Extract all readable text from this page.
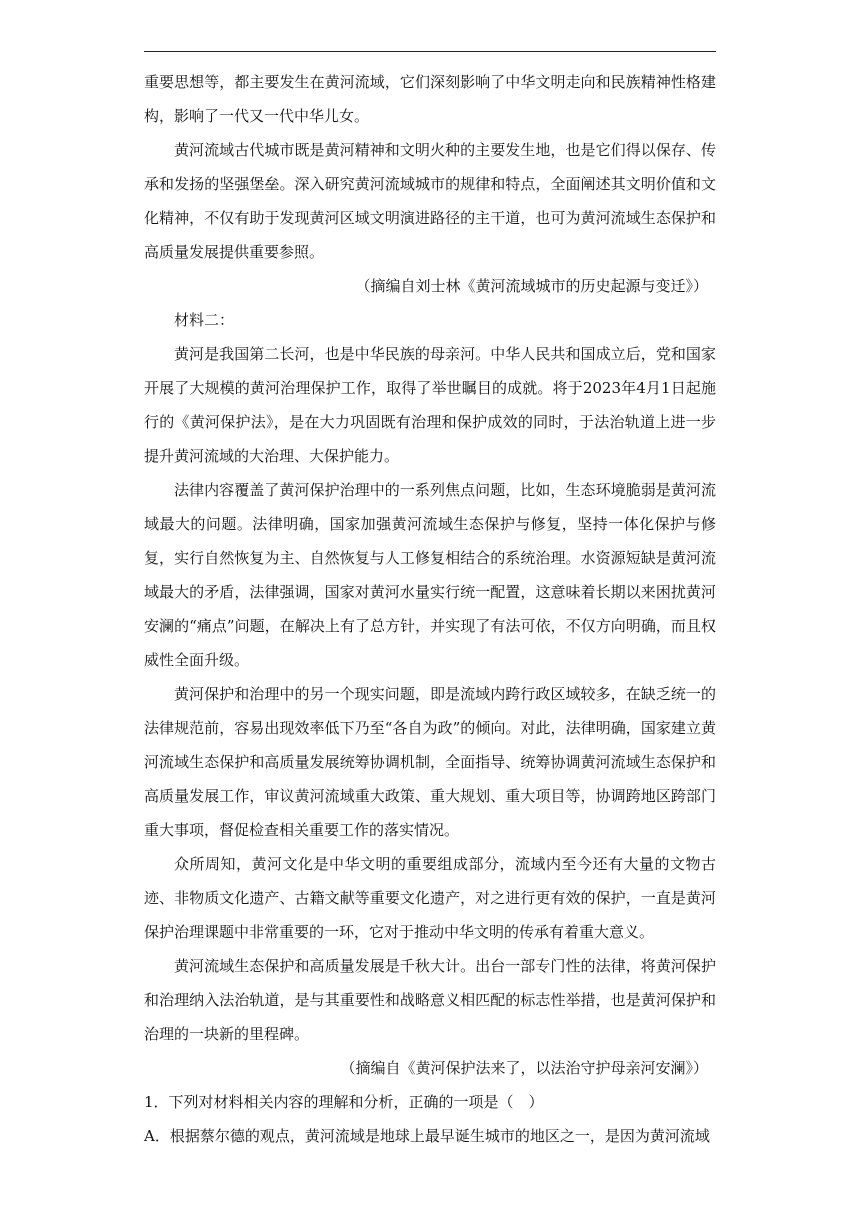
重要思想等，都主要发生在黄河流域，它们深刻影响了中华文明走向和民族精神性格建构，影响了一代又一代中华儿女。

黄河流域古代城市既是黄河精神和文明火种的主要发生地，也是它们得以保存、传承和发扬的坚强堡垒。深入研究黄河流域城市的规律和特点，全面阐述其文明价值和文化精神，不仅有助于发现黄河区域文明演进路径的主干道，也可为黄河流域生态保护和高质量发展提供重要参照。

（摘编自刘士林《黄河流域城市的历史起源与变迁》）

材料二：

黄河是我国第二长河，也是中华民族的母亲河。中华人民共和国成立后，党和国家开展了大规模的黄河治理保护工作，取得了举世瞩目的成就。将于2023年4月1日起施行的《黄河保护法》，是在大力巩固既有治理和保护成效的同时，于法治轨道上进一步提升黄河流域的大治理、大保护能力。

法律内容覆盖了黄河保护治理中的一系列焦点问题，比如，生态环境脆弱是黄河流域最大的问题。法律明确，国家加强黄河流域生态保护与修复，坚持一体化保护与修复，实行自然恢复为主、自然恢复与人工修复相结合的系统治理。水资源短缺是黄河流域最大的矛盾，法律强调，国家对黄河水量实行统一配置，这意味着长期以来困扰黄河安澜的“痛点”问题，在解决上有了总方针，并实现了有法可依，不仅方向明确，而且权威性全面升级。

黄河保护和治理中的另一个现实问题，即是流域内跨行政区域较多，在缺乏统一的法律规范前，容易出现效率低下乃至“各自为政”的倾向。对此，法律明确，国家建立黄河流域生态保护和高质量发展统筹协调机制，全面指导、统筹协调黄河流域生态保护和高质量发展工作，审议黄河流域重大政策、重大规划、重大项目等，协调跨地区跨部门重大事项，督促检查相关重要工作的落实情况。

众所周知，黄河文化是中华文明的重要组成部分，流域内至今还有大量的文物古迹、非物质文化遗产、古籍文献等重要文化遗产，对之进行更有效的保护，一直是黄河保护治理课题中非常重要的一环，它对于推动中华文明的传承有着重大意义。

黄河流域生态保护和高质量发展是千秋大计。出台一部专门性的法律，将黄河保护和治理纳入法治轨道，是与其重要性和战略意义相匹配的标志性举措，也是黄河保护和治理的一块新的里程碑。

（摘编自《黄河保护法来了，以法治守护母亲河安澜》）

1．下列对材料相关内容的理解和分析，正确的一项是（　）

A．根据蔡尔德的观点，黄河流域是地球上最早诞生城市的地区之一，是因为黄河流域
